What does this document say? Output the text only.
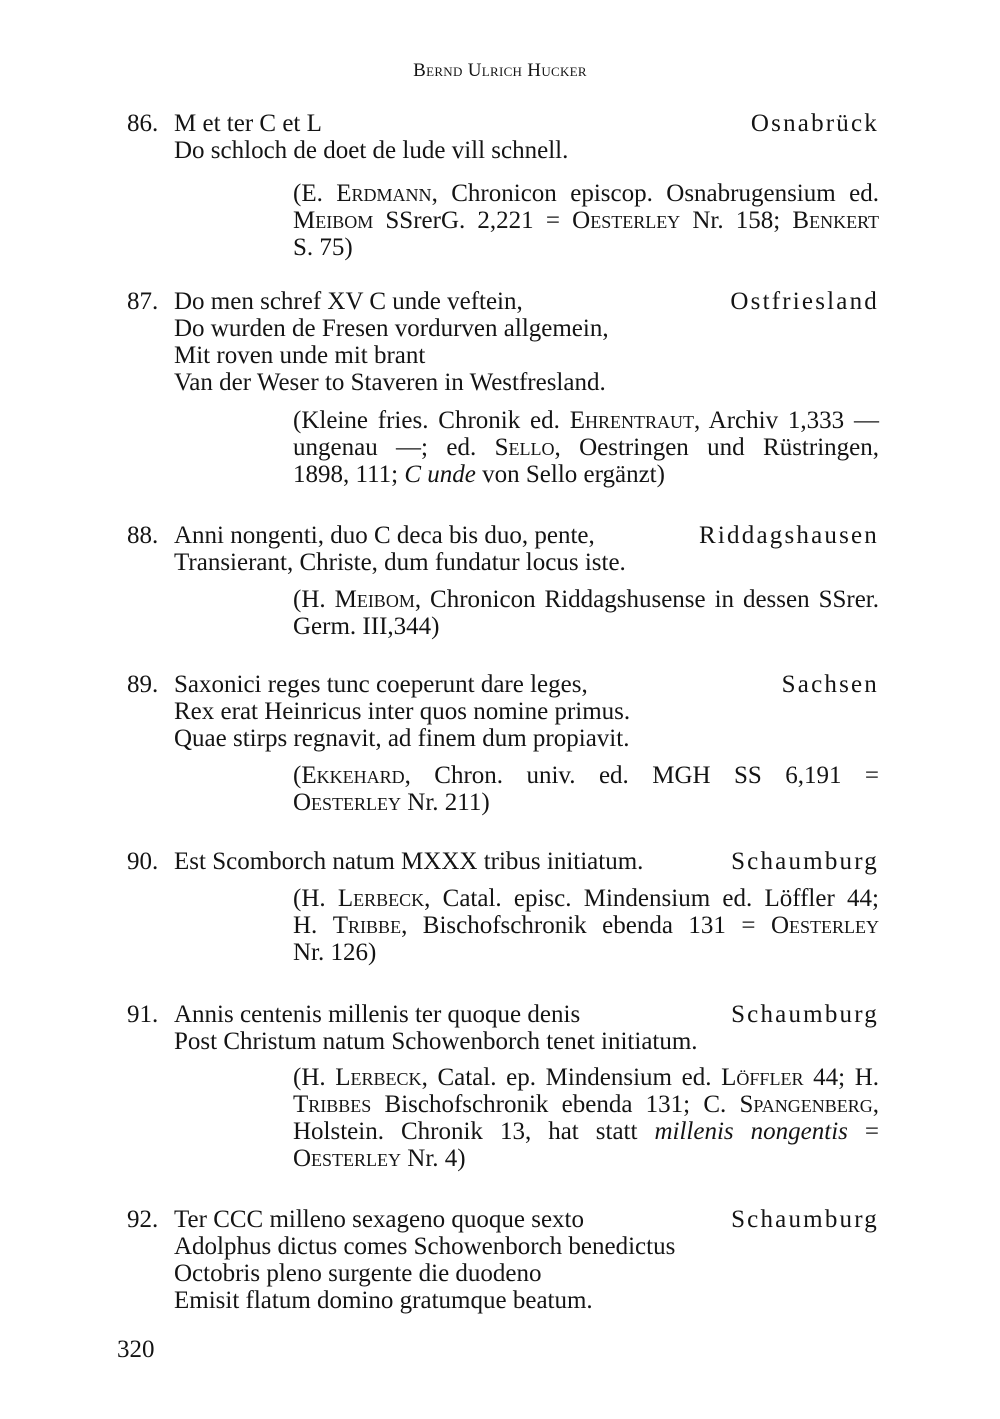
Bernd Ulrich Hucker
86.	Osnabrück
M et ter C et L
Do schloch de doet de lude vill schnell.
(E. Erdmann, Chronicon episcop. Osnabrugensium ed.
Meibom SSrerG. 2,221 = Oesterley Nr. 158; Benkert
S. 75)
87.	Ostfriesland
Do men schref XV C unde veftein,
Do wurden de Fresen vordurven allgemein,
Mit roven unde mit brant
Van der Weser to Staveren in Westfresland.
(Kleine fries. Chronik ed. Ehrentraut, Archiv 1,333 —
ungenau —; ed. Sello, Oestringen und Rüstringen,
1898, 111; C unde von Sello ergänzt)
88.	Riddagshausen
Anni nongenti, duo C deca bis duo, pente,
Transierant, Christe, dum fundatur locus iste.
(H. Meibom, Chronicon Riddagshusense in dessen SSrer.
Germ. III,344)
89.	Sachsen
Saxonici reges tunc coeperunt dare leges,
Rex erat Heinricus inter quos nomine primus.
Quae stirps regnavit, ad finem dum propiavit.
(Ekkehard, Chron. univ. ed. MGH SS 6,191 =
Oesterley Nr. 211)
90.	Schaumburg
Est Scomborch natum MXXX tribus initiatum.
(H. Lerbeck, Catal. episc. Mindensium ed. Löffler 44;
H. Tribbe, Bischofschronik ebenda 131 = Oesterley
Nr. 126)
91.	Schaumburg
Annis centenis millenis ter quoque denis
Post Christum natum Schowenborch tenet initiatum.
(H. Lerbeck, Catal. ep. Mindensium ed. Löffler 44; H.
Tribbes Bischofschronik ebenda 131; C. Spangenberg,
Holstein. Chronik 13, hat statt millenis nongentis =
Oesterley Nr. 4)
92.	Schaumburg
Ter CCC milleno sexageno quoque sexto
Adolphus dictus comes Schowenborch benedictus
Octobris pleno surgente die duodeno
Emisit flatum domino gratumque beatum.
320
